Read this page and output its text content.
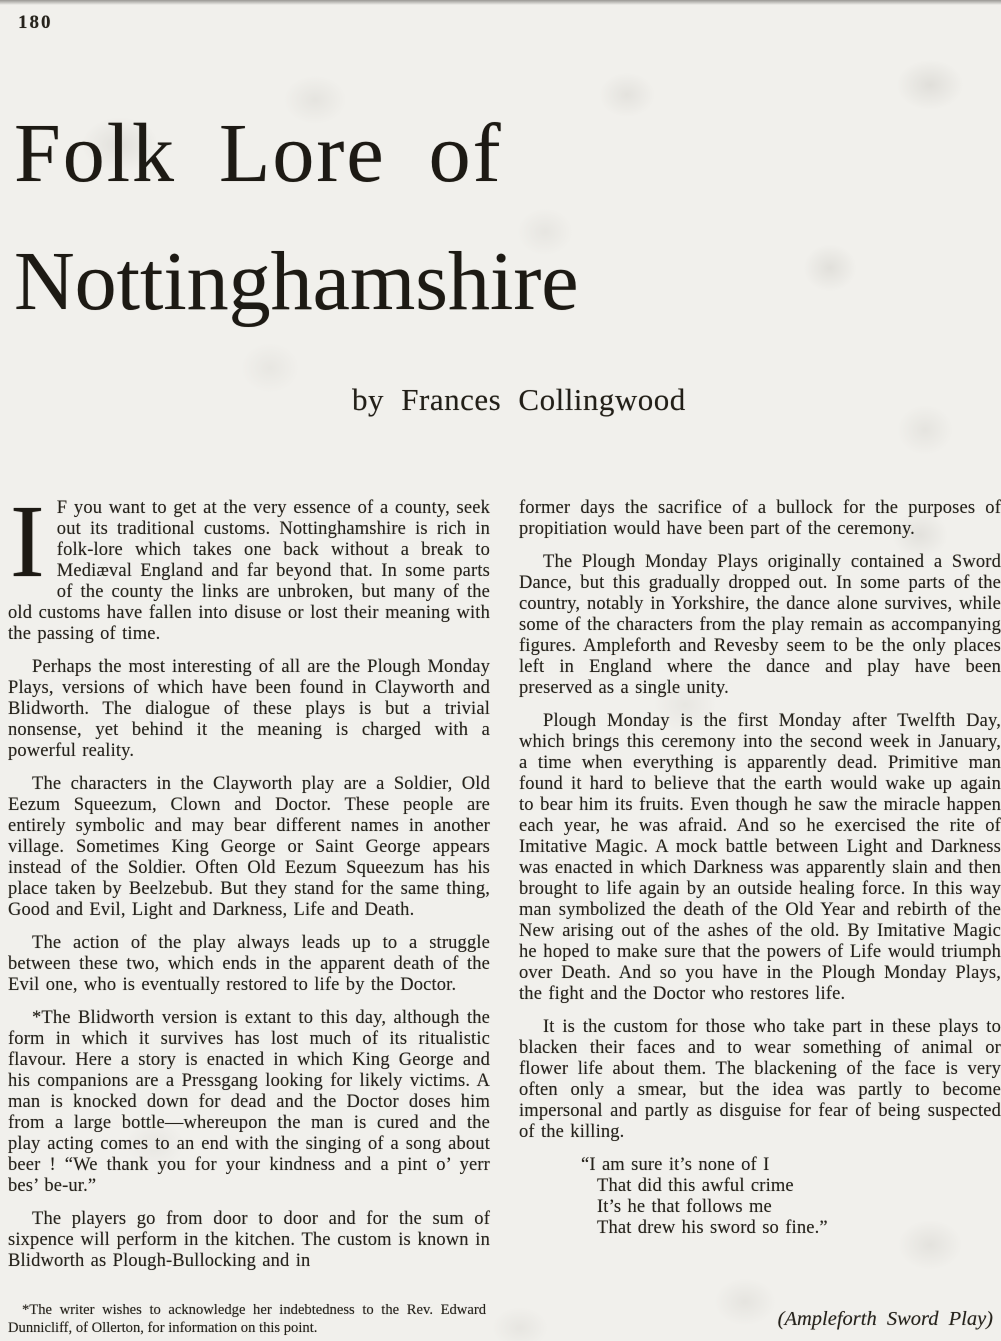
180
Folk Lore of
Nottinghamshire
by Frances Collingwood

I F you want to get at the very essence of a county, seek out its traditional customs. Nottinghamshire is rich in folk-lore which takes one back without a break to Mediæval England and far beyond that. In some parts of the county the links are unbroken, but many of the old customs have fallen into disuse or lost their meaning with the passing of time.

Perhaps the most interesting of all are the Plough Monday Plays, versions of which have been found in Clayworth and Blidworth. The dialogue of these plays is but a trivial nonsense, yet behind it the meaning is charged with a powerful reality.

The characters in the Clayworth play are a Soldier, Old Eezum Squeezum, Clown and Doctor. These people are entirely symbolic and may bear different names in another village. Sometimes King George or Saint George appears instead of the Soldier. Often Old Eezum Squeezum has his place taken by Beelzebub. But they stand for the same thing, Good and Evil, Light and Darkness, Life and Death.

The action of the play always leads up to a struggle between these two, which ends in the apparent death of the Evil one, who is eventually restored to life by the Doctor.

*The Blidworth version is extant to this day, although the form in which it survives has lost much of its ritualistic flavour. Here a story is enacted in which King George and his companions are a Pressgang looking for likely victims. A man is knocked down for dead and the Doctor doses him from a large bottle—whereupon the man is cured and the play acting comes to an end with the singing of a song about beer ! “We thank you for your kindness and a pint o’ yerr bes’ be-ur.”

The players go from door to door and for the sum of sixpence will perform in the kitchen. The custom is known in Blidworth as Plough-Bullocking and in

former days the sacrifice of a bullock for the purposes of propitiation would have been part of the ceremony.

The Plough Monday Plays originally contained a Sword Dance, but this gradually dropped out. In some parts of the country, notably in Yorkshire, the dance alone survives, while some of the characters from the play remain as accompanying figures. Ampleforth and Revesby seem to be the only places left in England where the dance and play have been preserved as a single unity.

Plough Monday is the first Monday after Twelfth Day, which brings this ceremony into the second week in January, a time when everything is apparently dead. Primitive man found it hard to believe that the earth would wake up again to bear him its fruits. Even though he saw the miracle happen each year, he was afraid. And so he exercised the rite of Imitative Magic. A mock battle between Light and Darkness was enacted in which Darkness was apparently slain and then brought to life again by an outside healing force. In this way man symbolized the death of the Old Year and rebirth of the New arising out of the ashes of the old. By Imitative Magic he hoped to make sure that the powers of Life would triumph over Death. And so you have in the Plough Monday Plays, the fight and the Doctor who restores life.

It is the custom for those who take part in these plays to blacken their faces and to wear something of animal or flower life about them. The blackening of the face is very often only a smear, but the idea was partly to become impersonal and partly as disguise for fear of being suspected of the killing.

“I am sure it’s none of I
That did this awful crime
It’s he that follows me
That drew his sword so fine.”
*The writer wishes to acknowledge her indebtedness to the Rev. Edward Dunnicliff, of Ollerton, for information on this point.	(Ampleforth Sword Play)
